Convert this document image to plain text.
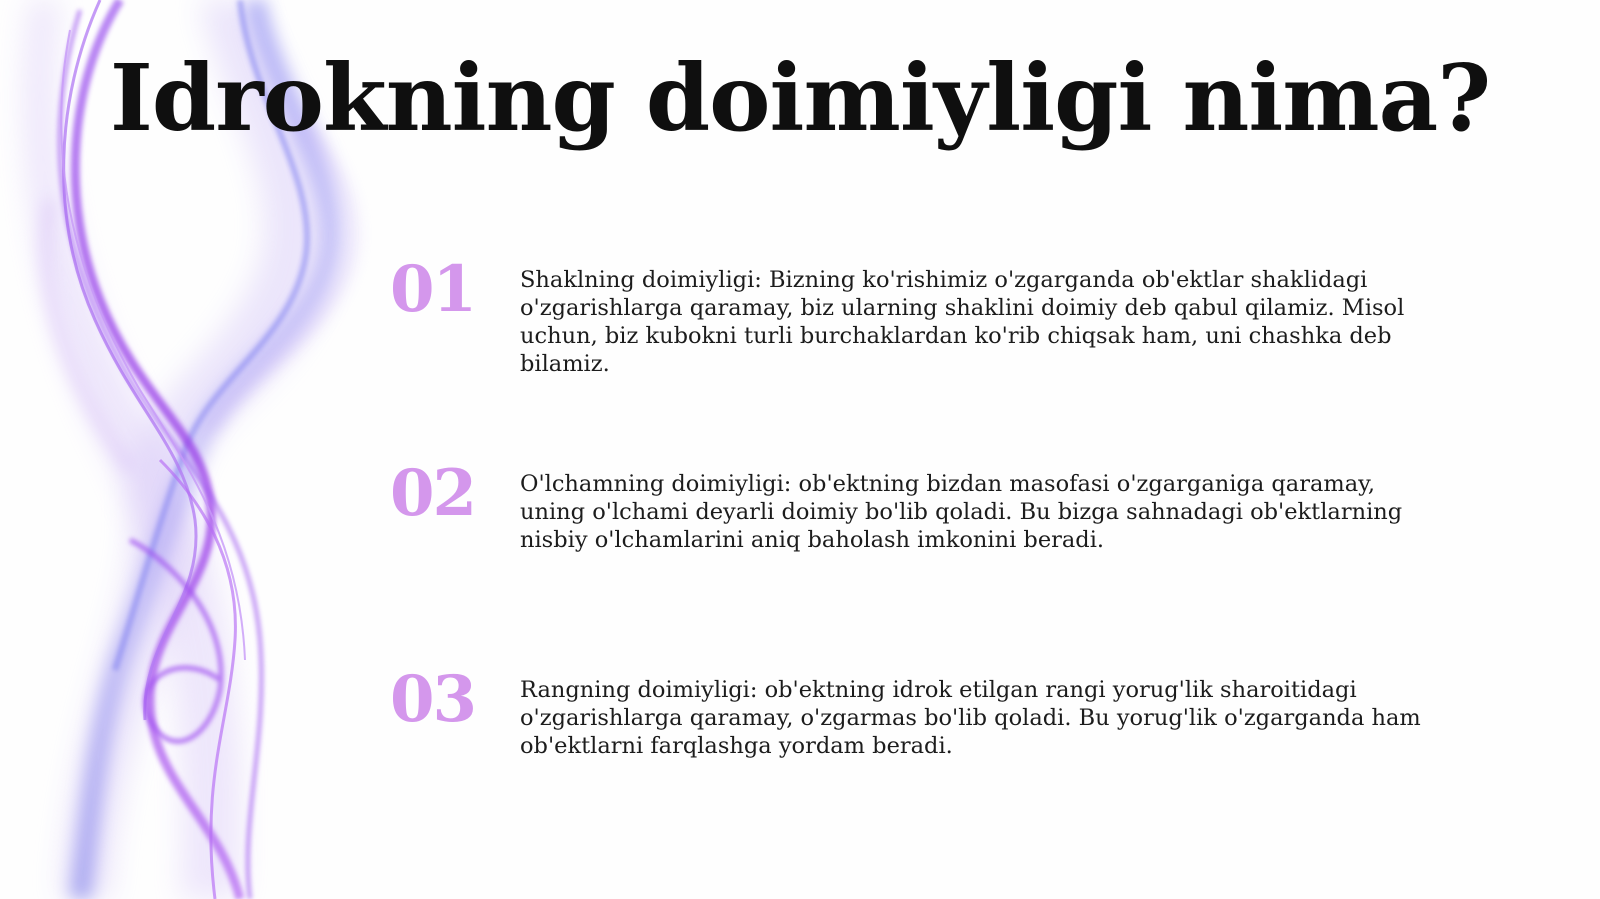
Idrokning doimiyligi nima?
01	Shaklning doimiyligi: Bizning ko'rishimiz o'zgarganda ob'ektlar shaklidagi o'zgarishlarga qaramay, biz ularning shaklini doimiy deb qabul qilamiz. Misol uchun, biz kubokni turli burchaklardan ko'rib chiqsak ham, uni chashka deb bilamiz.

02	O'lchamning doimiyligi: ob'ektning bizdan masofasi o'zgarganiga qaramay, uning o'lchami deyarli doimiy bo'lib qoladi. Bu bizga sahnadagi ob'ektlarning nisbiy o'lchamlarini aniq baholash imkonini beradi.

03	Rangning doimiyligi: ob'ektning idrok etilgan rangi yorug'lik sharoitidagi o'zgarishlarga qaramay, o'zgarmas bo'lib qoladi. Bu yorug'lik o'zgarganda ham ob'ektlarni farqlashga yordam beradi.
